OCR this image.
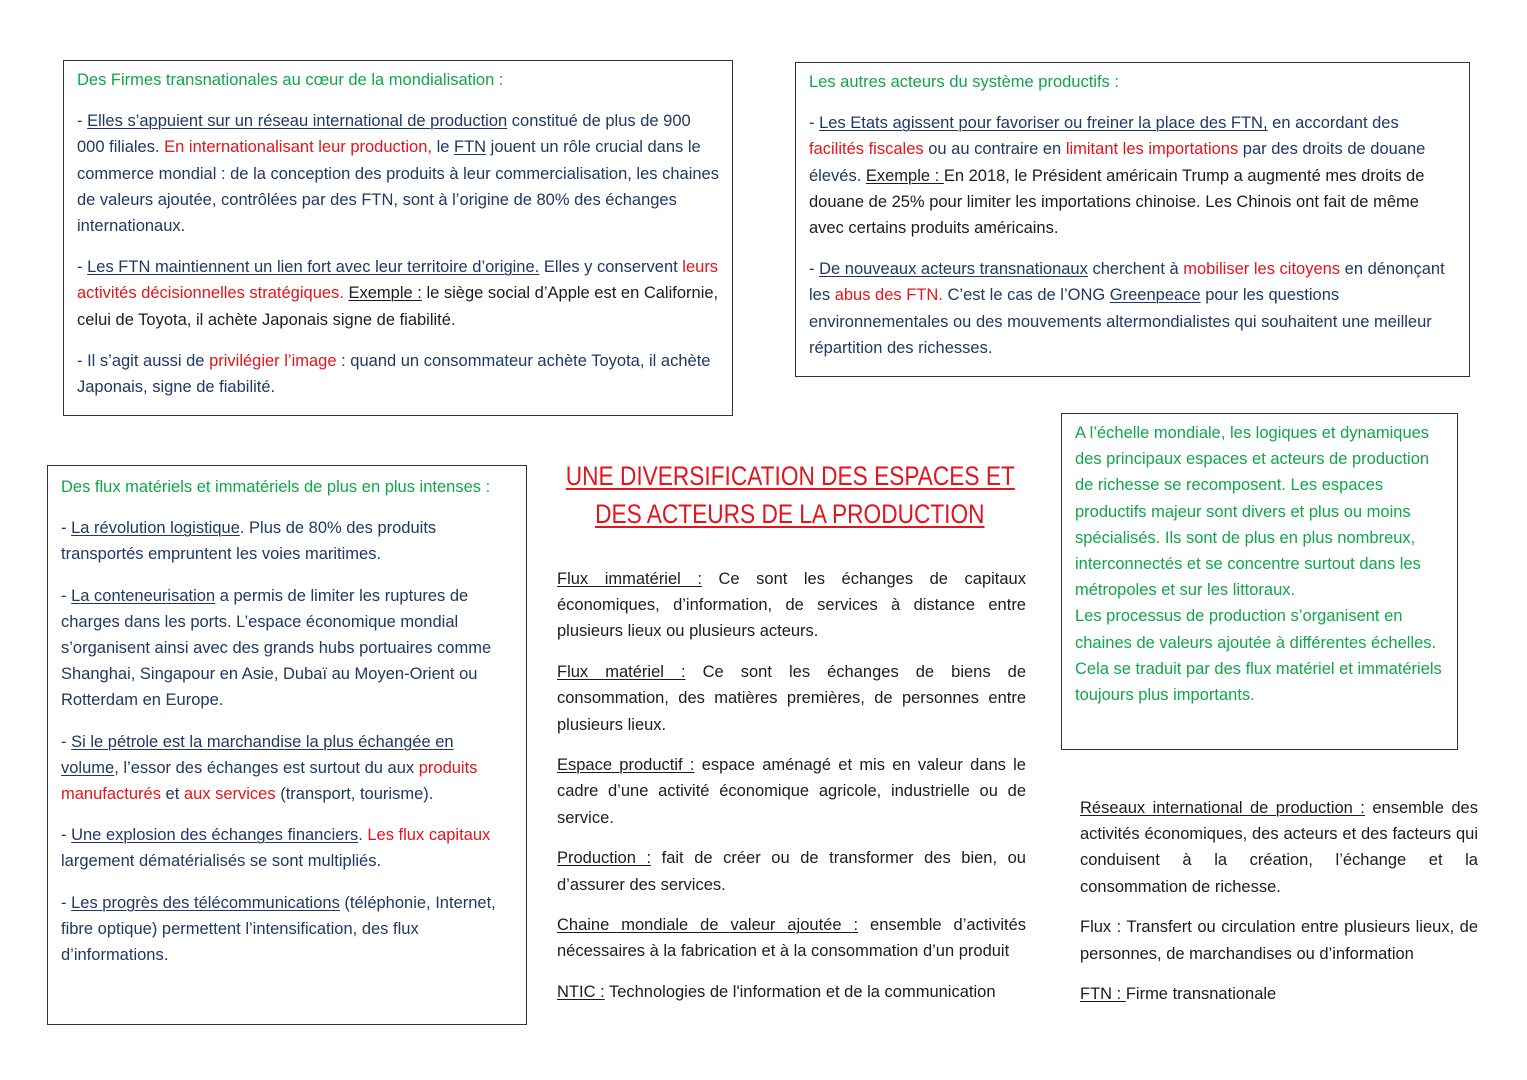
Des Firmes transnationales au cœur de la mondialisation :

- Elles s’appuient sur un réseau international de production constitué de plus de 900 000 filiales. En internationalisant leur production, le FTN jouent un rôle crucial dans le commerce mondial : de la conception des produits à leur commercialisation, les chaines de valeurs ajoutée, contrôlées par des FTN, sont à l’origine de 80% des échanges internationaux.

- Les FTN maintiennent un lien fort avec leur territoire d’origine. Elles y conservent leurs activités décisionnelles stratégiques. Exemple : le siège social d’Apple est en Californie, celui de Toyota, il achète Japonais signe de fiabilité.

- Il s’agit aussi de privilégier l’image : quand un consommateur achète Toyota, il achète Japonais, signe de fiabilité.

Les autres acteurs du système productifs :

- Les Etats agissent pour favoriser ou freiner la place des FTN, en accordant des facilités fiscales ou au contraire en limitant les importations par des droits de douane élevés. Exemple : En 2018, le Président américain Trump a augmenté mes droits de douane de 25% pour limiter les importations chinoise. Les Chinois ont fait de même avec certains produits américains.

- De nouveaux acteurs transnationaux cherchent à mobiliser les citoyens en dénonçant les abus des FTN. C’est le cas de l’ONG Greenpeace pour les questions environnementales ou des mouvements altermondialistes qui souhaitent une meilleur répartition des richesses.

Des flux matériels et immatériels de plus en plus intenses :

- La révolution logistique. Plus de 80% des produits transportés empruntent les voies maritimes.

- La conteneurisation a permis de limiter les ruptures de charges dans les ports. L’espace économique mondial s’organisent ainsi avec des grands hubs portuaires comme Shanghai, Singapour en Asie, Dubaï au Moyen-Orient ou Rotterdam en Europe.

- Si le pétrole est la marchandise la plus échangée en volume, l’essor des échanges est surtout du aux produits manufacturés et aux services (transport, tourisme).

- Une explosion des échanges financiers. Les flux capitaux largement dématérialisés se sont multipliés.

- Les progrès des télécommunications (téléphonie, Internet, fibre optique) permettent l’intensification, des flux d’informations.

UNE DIVERSIFICATION DES ESPACES ET
DES ACTEURS DE LA PRODUCTION

Flux immatériel : Ce sont les échanges de capitaux économiques, d’information, de services à distance entre plusieurs lieux ou plusieurs acteurs.

Flux matériel : Ce sont les échanges de biens de consommation, des matières premières, de personnes entre plusieurs lieux.

Espace productif : espace aménagé et mis en valeur dans le cadre d’une activité économique agricole, industrielle ou de service.

Production : fait de créer ou de transformer des bien, ou d’assurer des services.

Chaine mondiale de valeur ajoutée : ensemble d’activités nécessaires à la fabrication et à la consommation d’un produit

NTIC : Technologies de l'information et de la communication

A l’échelle mondiale, les logiques et dynamiques des principaux espaces et acteurs de production de richesse se recomposent. Les espaces productifs majeur sont divers et plus ou moins spécialisés. Ils sont de plus en plus nombreux, interconnectés et se concentre surtout dans les métropoles et sur les littoraux.

Les processus de production s’organisent en chaines de valeurs ajoutée à différentes échelles. Cela se traduit par des flux matériel et immatériels toujours plus importants.

Réseaux international de production : ensemble des activités économiques, des acteurs et des facteurs qui conduisent à la création, l’échange et la consommation de richesse.

Flux : Transfert ou circulation entre plusieurs lieux, de personnes, de marchandises ou d’information

FTN : Firme transnationale
